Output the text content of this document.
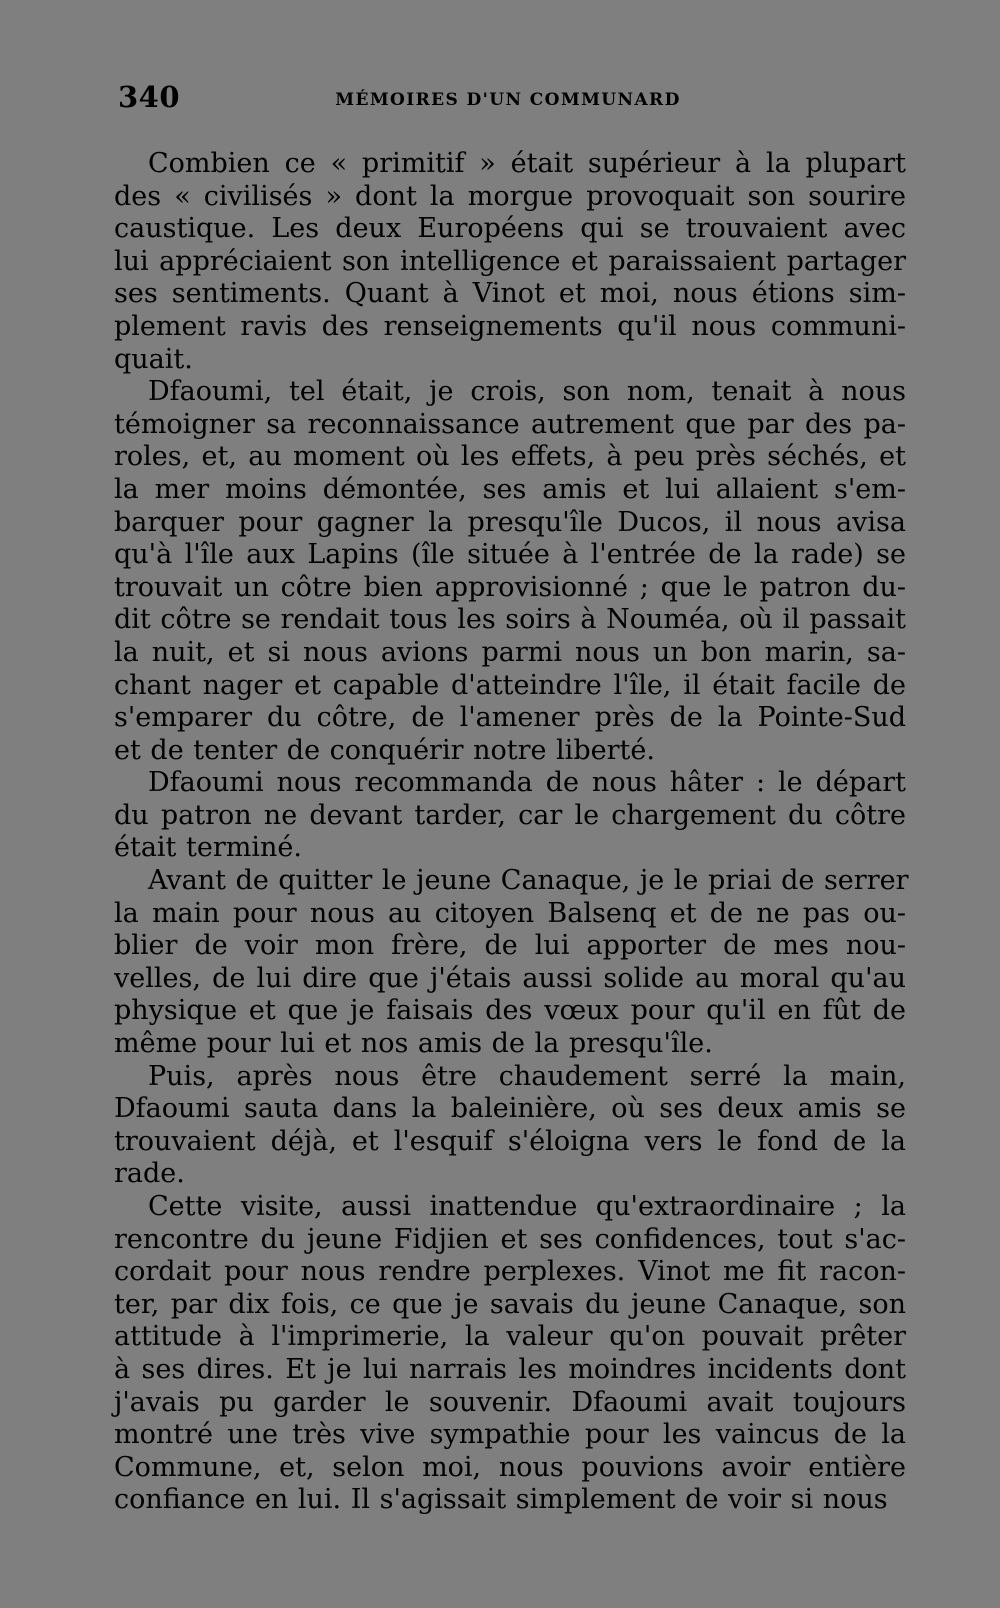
340	MÉMOIRES D'UN COMMUNARD
Combien ce « primitif » était supérieur à la plupart
des « civilisés » dont la morgue provoquait son sourire
caustique. Les deux Européens qui se trouvaient avec
lui appréciaient son intelligence et paraissaient partager
ses sentiments. Quant à Vinot et moi, nous étions sim-
plement ravis des renseignements qu'il nous communi-
quait.
Dfaoumi, tel était, je crois, son nom, tenait à nous
témoigner sa reconnaissance autrement que par des pa-
roles, et, au moment où les effets, à peu près séchés, et
la mer moins démontée, ses amis et lui allaient s'em-
barquer pour gagner la presqu'île Ducos, il nous avisa
qu'à l'île aux Lapins (île située à l'entrée de la rade) se
trouvait un côtre bien approvisionné ; que le patron du-
dit côtre se rendait tous les soirs à Nouméa, où il passait
la nuit, et si nous avions parmi nous un bon marin, sa-
chant nager et capable d'atteindre l'île, il était facile de
s'emparer du côtre, de l'amener près de la Pointe-Sud
et de tenter de conquérir notre liberté.
Dfaoumi nous recommanda de nous hâter : le départ
du patron ne devant tarder, car le chargement du côtre
était terminé.
Avant de quitter le jeune Canaque, je le priai de serrer
la main pour nous au citoyen Balsenq et de ne pas ou-
blier de voir mon frère, de lui apporter de mes nou-
velles, de lui dire que j'étais aussi solide au moral qu'au
physique et que je faisais des vœux pour qu'il en fût de
même pour lui et nos amis de la presqu'île.
Puis, après nous être chaudement serré la main,
Dfaoumi sauta dans la baleinière, où ses deux amis se
trouvaient déjà, et l'esquif s'éloigna vers le fond de la
rade.
Cette visite, aussi inattendue qu'extraordinaire ; la
rencontre du jeune Fidjien et ses confidences, tout s'ac-
cordait pour nous rendre perplexes. Vinot me fit racon-
ter, par dix fois, ce que je savais du jeune Canaque, son
attitude à l'imprimerie, la valeur qu'on pouvait prêter
à ses dires. Et je lui narrais les moindres incidents dont
j'avais pu garder le souvenir. Dfaoumi avait toujours
montré une très vive sympathie pour les vaincus de la
Commune, et, selon moi, nous pouvions avoir entière
confiance en lui. Il s'agissait simplement de voir si nous
